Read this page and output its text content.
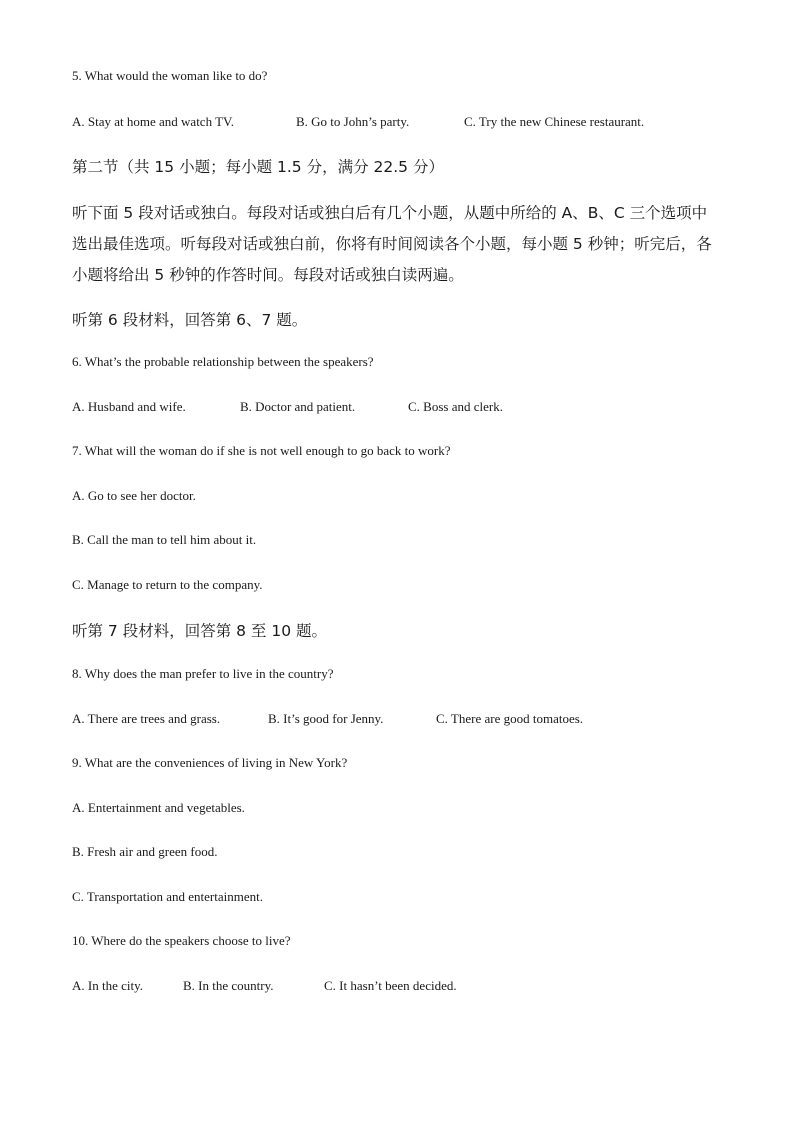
5. What would the woman like to do?
A. Stay at home and watch TV.	B. Go to John’s party.	C. Try the new Chinese restaurant.
第二节（共 15 小题；每小题 1.5 分，满分 22.5 分）
听下面 5 段对话或独白。每段对话或独白后有几个小题，从题中所给的 A、B、C 三个选项中
选出最佳选项。听每段对话或独白前，你将有时间阅读各个小题，每小题 5 秒钟；听完后，各
小题将给出 5 秒钟的作答时间。每段对话或独白读两遍。
听第 6 段材料，回答第 6、7 题。
6. What’s the probable relationship between the speakers?
A. Husband and wife.	B. Doctor and patient.	C. Boss and clerk.
7. What will the woman do if she is not well enough to go back to work?
A. Go to see her doctor.
B. Call the man to tell him about it.
C. Manage to return to the company.
听第 7 段材料，回答第 8 至 10 题。
8. Why does the man prefer to live in the country?
A. There are trees and grass.	B. It’s good for Jenny.	C. There are good tomatoes.
9. What are the conveniences of living in New York?
A. Entertainment and vegetables.
B. Fresh air and green food.
C. Transportation and entertainment.
10. Where do the speakers choose to live?
A. In the city.	B. In the country.	C. It hasn’t been decided.
